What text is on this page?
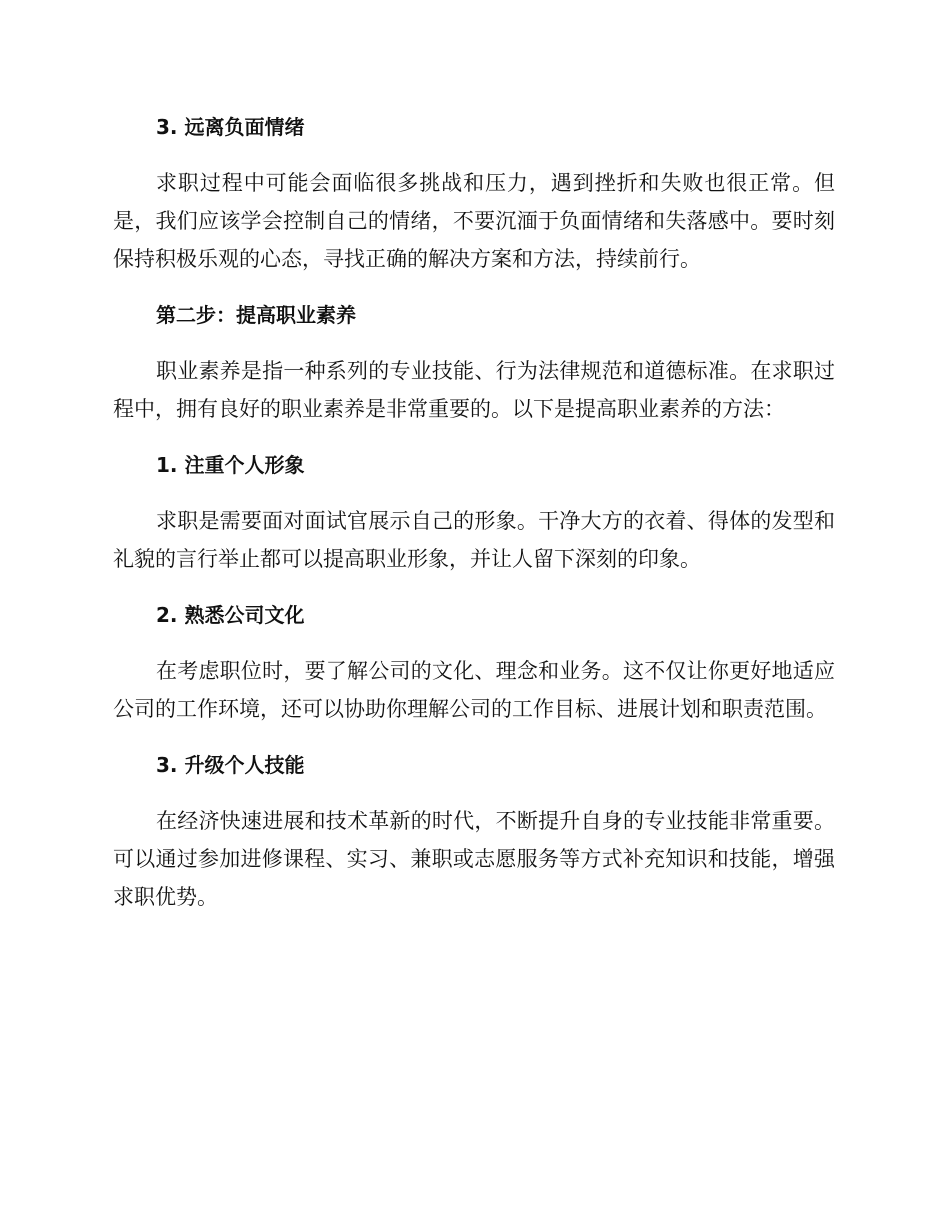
3. 远离负面情绪

求职过程中可能会面临很多挑战和压力，遇到挫折和失败也很正常。但是，我们应该学会控制自己的情绪，不要沉湎于负面情绪和失落感中。要时刻保持积极乐观的心态，寻找正确的解决方案和方法，持续前行。

第二步：提高职业素养

职业素养是指一种系列的专业技能、行为法律规范和道德标准。在求职过程中，拥有良好的职业素养是非常重要的。以下是提高职业素养的方法：

1. 注重个人形象

求职是需要面对面试官展示自己的形象。干净大方的衣着、得体的发型和礼貌的言行举止都可以提高职业形象，并让人留下深刻的印象。

2. 熟悉公司文化

在考虑职位时，要了解公司的文化、理念和业务。这不仅让你更好地适应公司的工作环境，还可以协助你理解公司的工作目标、进展计划和职责范围。

3. 升级个人技能

在经济快速进展和技术革新的时代，不断提升自身的专业技能非常重要。可以通过参加进修课程、实习、兼职或志愿服务等方式补充知识和技能，增强求职优势。
